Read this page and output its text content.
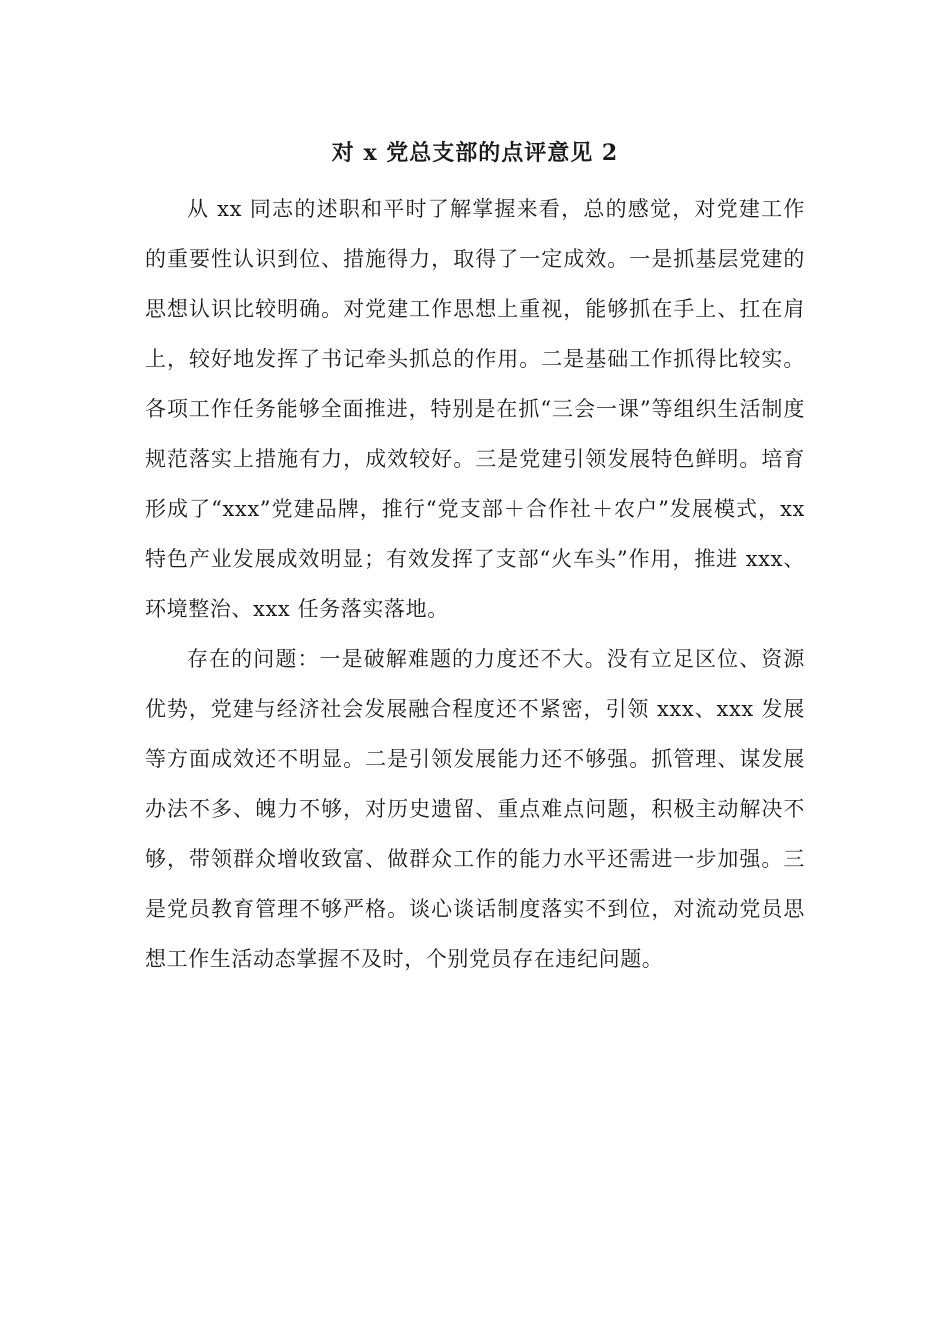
对 x 党总支部的点评意见 2

从 xx 同志的述职和平时了解掌握来看，总的感觉，对党建工作的重要性认识到位、措施得力，取得了一定成效。一是抓基层党建的思想认识比较明确。对党建工作思想上重视，能够抓在手上、扛在肩上，较好地发挥了书记牵头抓总的作用。二是基础工作抓得比较实。各项工作任务能够全面推进，特别是在抓“三会一课”等组织生活制度规范落实上措施有力，成效较好。三是党建引领发展特色鲜明。培育形成了“xxx”党建品牌，推行“党支部＋合作社＋农户”发展模式，xx 特色产业发展成效明显；有效发挥了支部“火车头”作用，推进 xxx、环境整治、xxx 任务落实落地。

存在的问题：一是破解难题的力度还不大。没有立足区位、资源优势，党建与经济社会发展融合程度还不紧密，引领 xxx、xxx 发展等方面成效还不明显。二是引领发展能力还不够强。抓管理、谋发展办法不多、魄力不够，对历史遗留、重点难点问题，积极主动解决不够，带领群众增收致富、做群众工作的能力水平还需进一步加强。三是党员教育管理不够严格。谈心谈话制度落实不到位，对流动党员思想工作生活动态掌握不及时，个别党员存在违纪问题。
